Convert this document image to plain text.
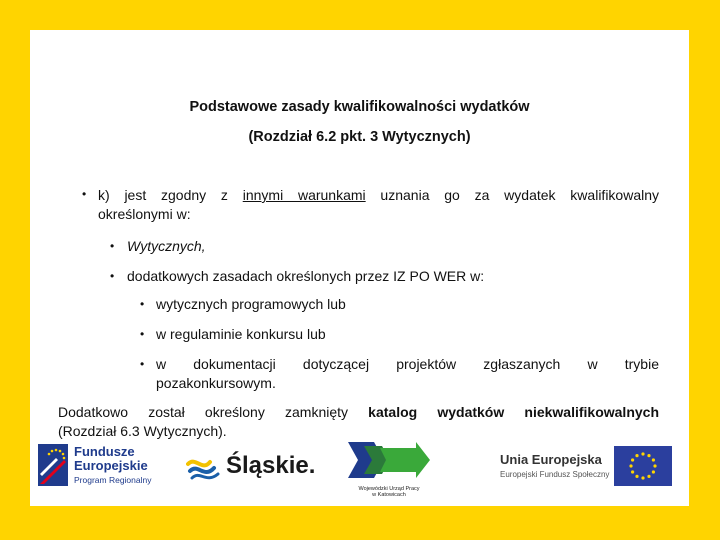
Podstawowe zasady kwalifikowalności wydatków
(Rozdział 6.2 pkt. 3 Wytycznych)
• k) jest zgodny z innymi warunkami uznania go za wydatek kwalifikowalny
określonymi w:
• Wytycznych,
• dodatkowych zasadach określonych przez IZ PO WER w:
• wytycznych programowych lub
• w regulaminie konkursu lub
• w dokumentacji dotyczącej projektów zgłaszanych w trybie
pozakonkursowym.
Dodatkowo został określony zamknięty katalog wydatków niekwalifikowalnych
(Rozdział 6.3 Wytycznych).
Fundusze
Europejskie
Program Regionalny
Śląskie.
Wojewódzki Urząd Pracy
w Katowicach
Unia Europejska
Europejski Fundusz Społeczny
